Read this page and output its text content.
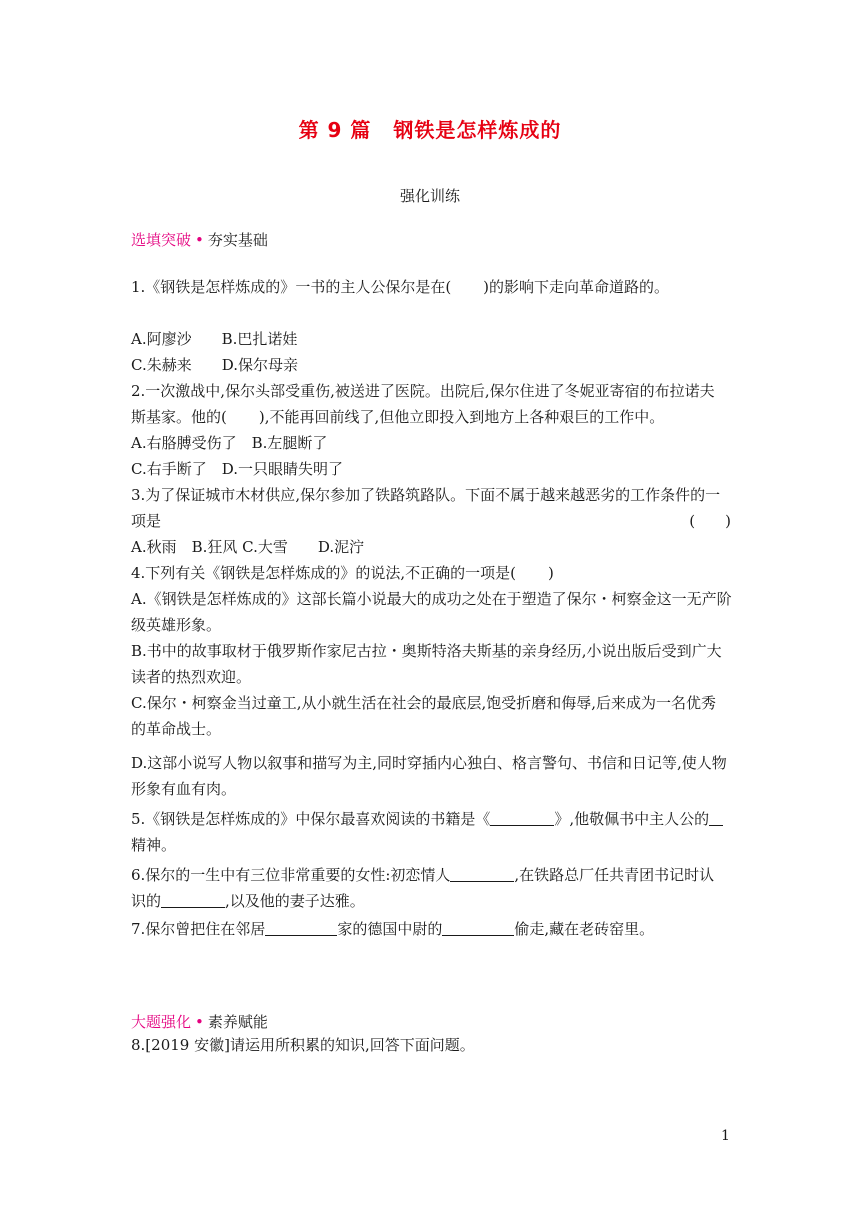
第 9 篇 钢铁是怎样炼成的

强化训练

选填突破 • 夯实基础

1.《钢铁是怎样炼成的》一书的主人公保尔是在( )的影响下走向革命道路的。

A.阿廖沙　　B.巴扎诺娃

C.朱赫来　　D.保尔母亲

2.一次激战中,保尔头部受重伤,被送进了医院。出院后,保尔住进了冬妮亚寄宿的布拉诺夫

斯基家。他的( ),不能再回前线了,但他立即投入到地方上各种艰巨的工作中。

A.右胳膊受伤了　B.左腿断了

C.右手断了　D.一只眼睛失明了

3.为了保证城市木材供应,保尔参加了铁路筑路队。下面不属于越来越恶劣的工作条件的一

项是	(　　)

A.秋雨　B.狂风 C.大雪　　D.泥泞

4.下列有关《钢铁是怎样炼成的》的说法,不正确的一项是( )

A.《钢铁是怎样炼成的》这部长篇小说最大的成功之处在于塑造了保尔・柯察金这一无产阶

级英雄形象。

B.书中的故事取材于俄罗斯作家尼古拉・奥斯特洛夫斯基的亲身经历,小说出版后受到广大

读者的热烈欢迎。

C.保尔・柯察金当过童工,从小就生活在社会的最底层,饱受折磨和侮辱,后来成为一名优秀

的革命战士。

D.这部小说写人物以叙事和描写为主,同时穿插内心独白、格言警句、书信和日记等,使人物

形象有血有肉。

5.《钢铁是怎样炼成的》中保尔最喜欢阅读的书籍是《	》,他敬佩书中主人公的

精神。

6.保尔的一生中有三位非常重要的女性:初恋情人	,在铁路总厂任共青团书记时认

识的	,以及他的妻子达雅。

7.保尔曾把住在邻居	家的德国中尉的	偷走,藏在老砖窑里。

大题强化 • 素养赋能

8.[2019 安徽]请运用所积累的知识,回答下面问题。

1
